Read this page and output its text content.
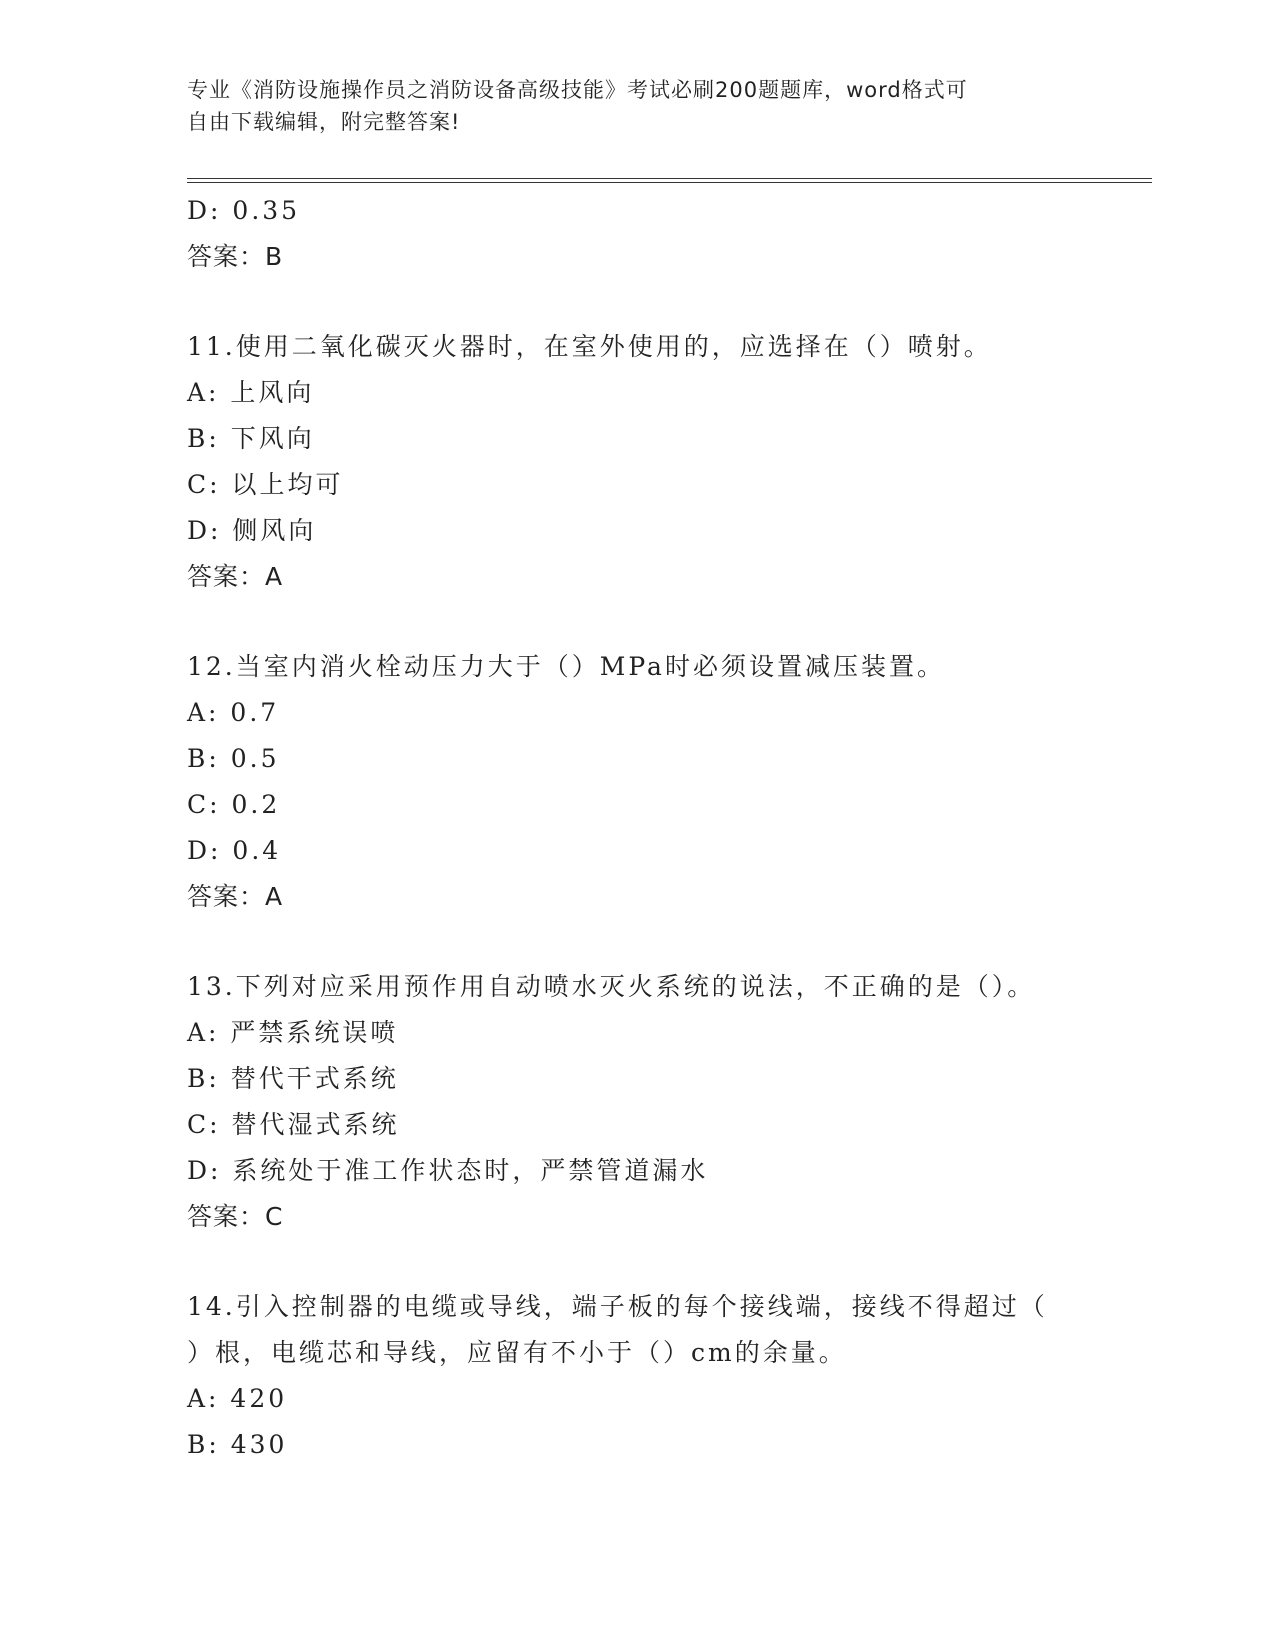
专业《消防设施操作员之消防设备高级技能》考试必刷200题题库，word格式可
自由下载编辑，附完整答案!
D: 0.35
答案：B
11.使用二氧化碳灭火器时，在室外使用的，应选择在（）喷射。
A: 上风向
B: 下风向
C: 以上均可
D: 侧风向
答案：A
12.当室内消火栓动压力大于（）MPa时必须设置减压装置。
A: 0.7
B: 0.5
C: 0.2
D: 0.4
答案：A
13.下列对应采用预作用自动喷水灭火系统的说法，不正确的是（）。
A: 严禁系统误喷
B: 替代干式系统
C: 替代湿式系统
D: 系统处于准工作状态时，严禁管道漏水
答案：C
14.引入控制器的电缆或导线，端子板的每个接线端，接线不得超过（
）根，电缆芯和导线，应留有不小于（）cm的余量。
A: 420
B: 430
